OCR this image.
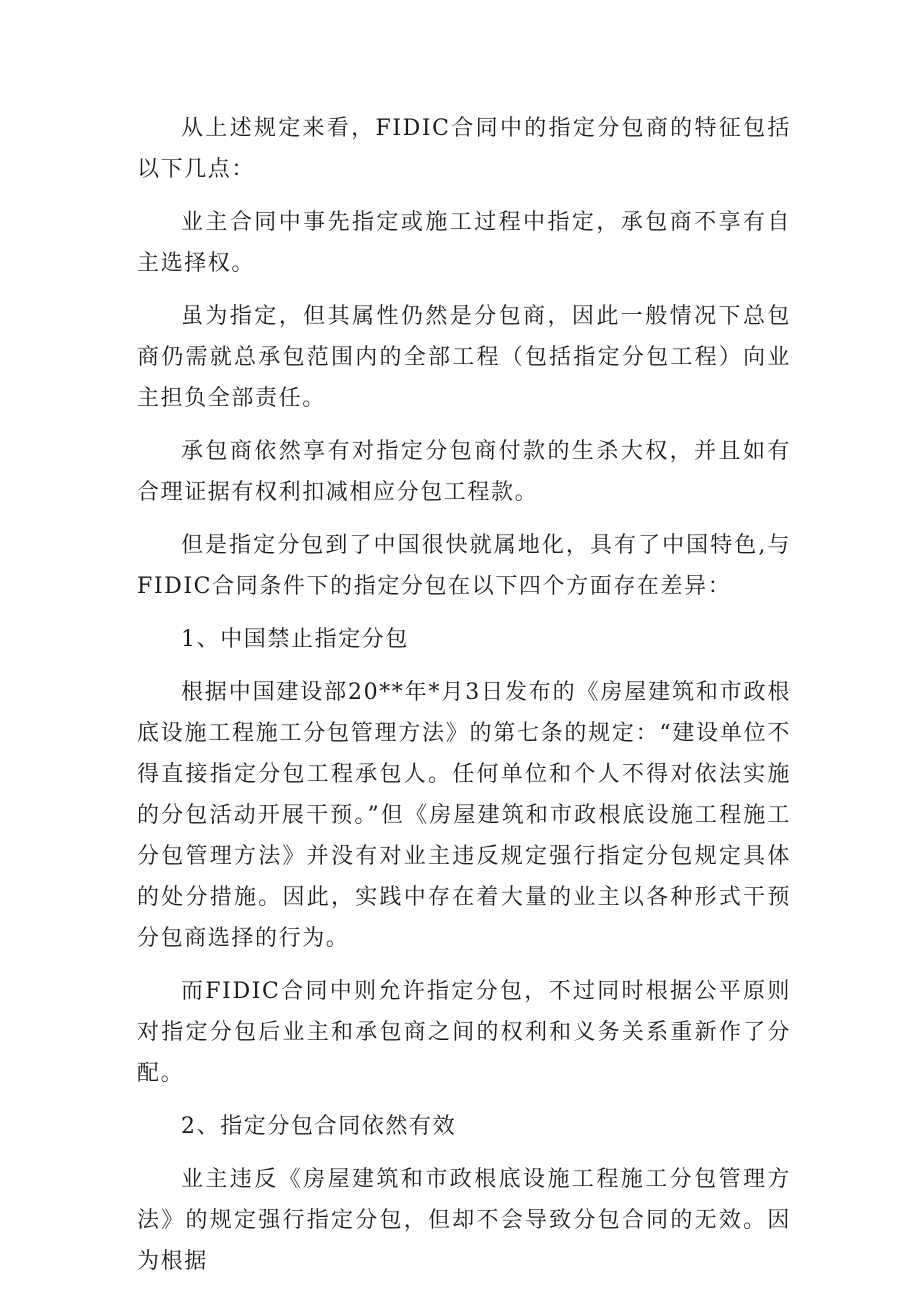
从上述规定来看，FIDIC合同中的指定分包商的特征包括以下几点：

业主合同中事先指定或施工过程中指定，承包商不享有自主选择权。

虽为指定，但其属性仍然是分包商，因此一般情况下总包商仍需就总承包范围内的全部工程（包括指定分包工程）向业主担负全部责任。

承包商依然享有对指定分包商付款的生杀大权，并且如有合理证据有权利扣减相应分包工程款。

但是指定分包到了中国很快就属地化，具有了中国特色,与FIDIC合同条件下的指定分包在以下四个方面存在差异：

1、中国禁止指定分包

根据中国建设部20**年*月3日发布的《房屋建筑和市政根底设施工程施工分包管理方法》的第七条的规定：“建设单位不得直接指定分包工程承包人。任何单位和个人不得对依法实施的分包活动开展干预。”但《房屋建筑和市政根底设施工程施工分包管理方法》并没有对业主违反规定强行指定分包规定具体的处分措施。因此，实践中存在着大量的业主以各种形式干预分包商选择的行为。

而FIDIC合同中则允许指定分包，不过同时根据公平原则对指定分包后业主和承包商之间的权利和义务关系重新作了分配。

2、指定分包合同依然有效

业主违反《房屋建筑和市政根底设施工程施工分包管理方法》的规定强行指定分包，但却不会导致分包合同的无效。因为根据
